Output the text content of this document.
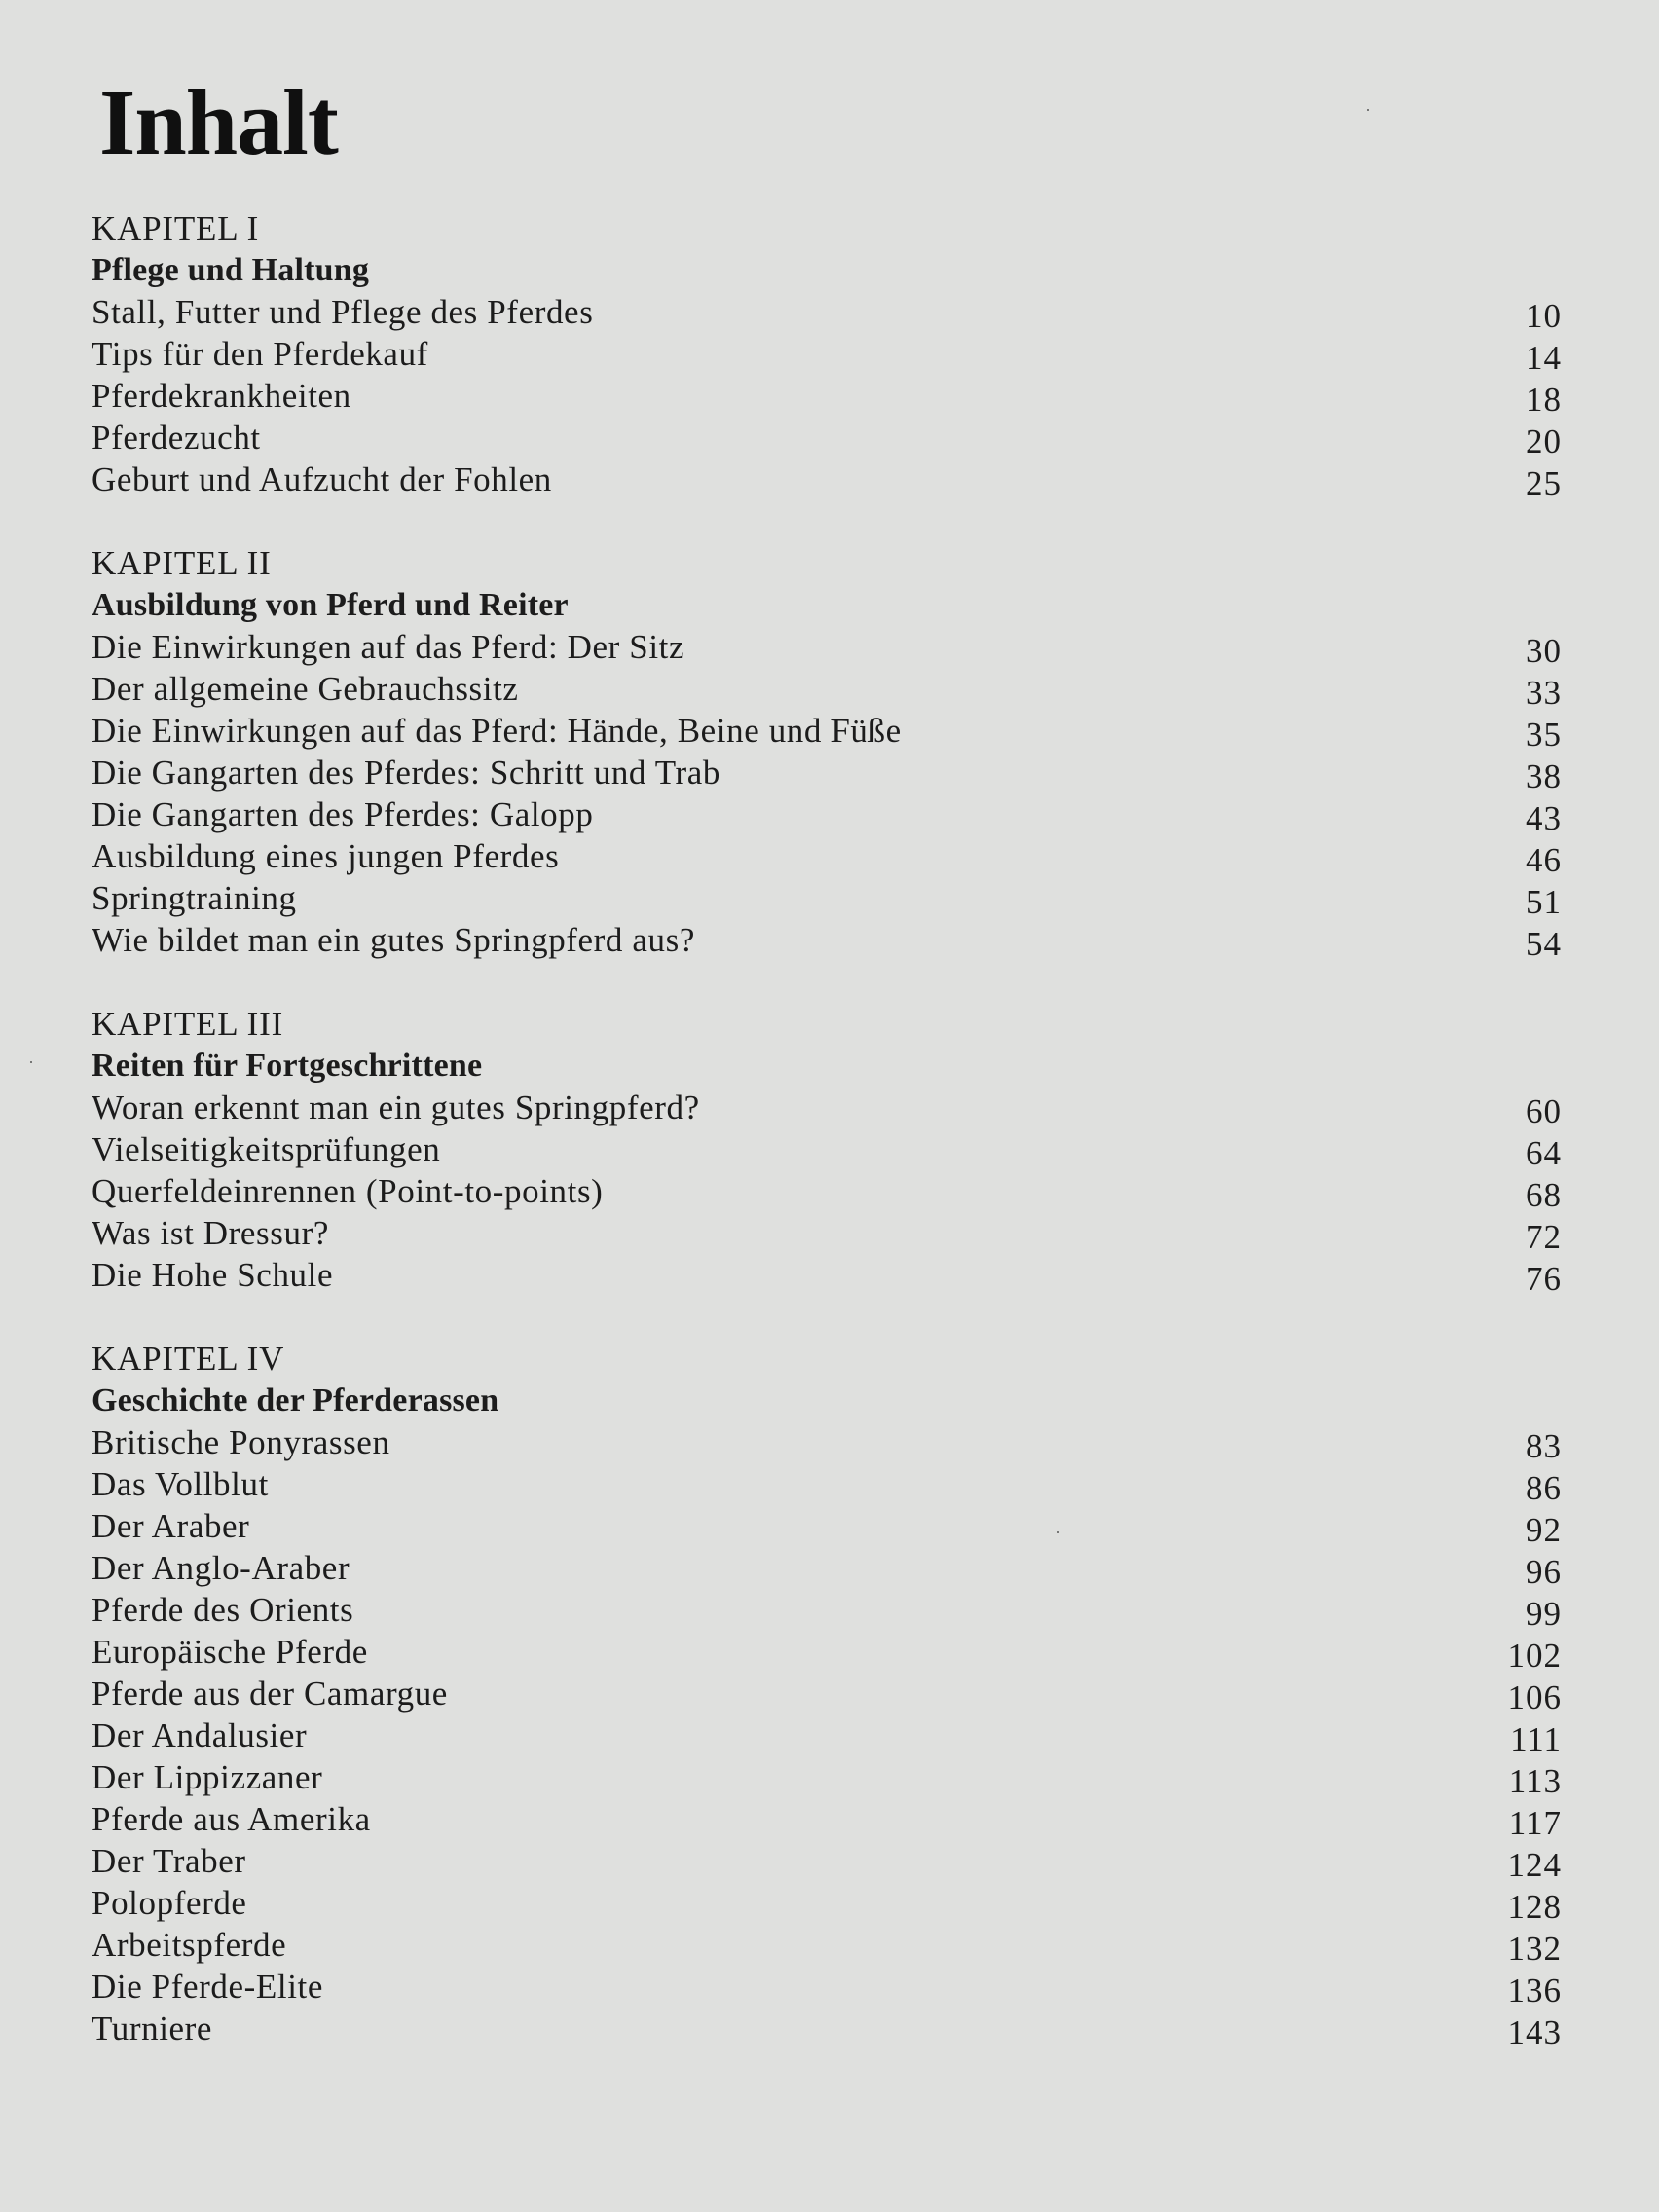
Inhalt
KAPITEL I
Pflege und Haltung
Stall, Futter und Pflege des Pferdes	10
Tips für den Pferdekauf	14
Pferdekrankheiten	18
Pferdezucht	20
Geburt und Aufzucht der Fohlen	25
KAPITEL II
Ausbildung von Pferd und Reiter
Die Einwirkungen auf das Pferd: Der Sitz	30
Der allgemeine Gebrauchssitz	33
Die Einwirkungen auf das Pferd: Hände, Beine und Füße	35
Die Gangarten des Pferdes: Schritt und Trab	38
Die Gangarten des Pferdes: Galopp	43
Ausbildung eines jungen Pferdes	46
Springtraining	51
Wie bildet man ein gutes Springpferd aus?	54
KAPITEL III
Reiten für Fortgeschrittene
Woran erkennt man ein gutes Springpferd?	60
Vielseitigkeitsprüfungen	64
Querfeldeinrennen (Point-to-points)	68
Was ist Dressur?	72
Die Hohe Schule	76
KAPITEL IV
Geschichte der Pferderassen
Britische Ponyrassen	83
Das Vollblut	86
Der Araber	92
Der Anglo-Araber	96
Pferde des Orients	99
Europäische Pferde	102
Pferde aus der Camargue	106
Der Andalusier	111
Der Lippizzaner	113
Pferde aus Amerika	117
Der Traber	124
Polopferde	128
Arbeitspferde	132
Die Pferde-Elite	136
Turniere	143
